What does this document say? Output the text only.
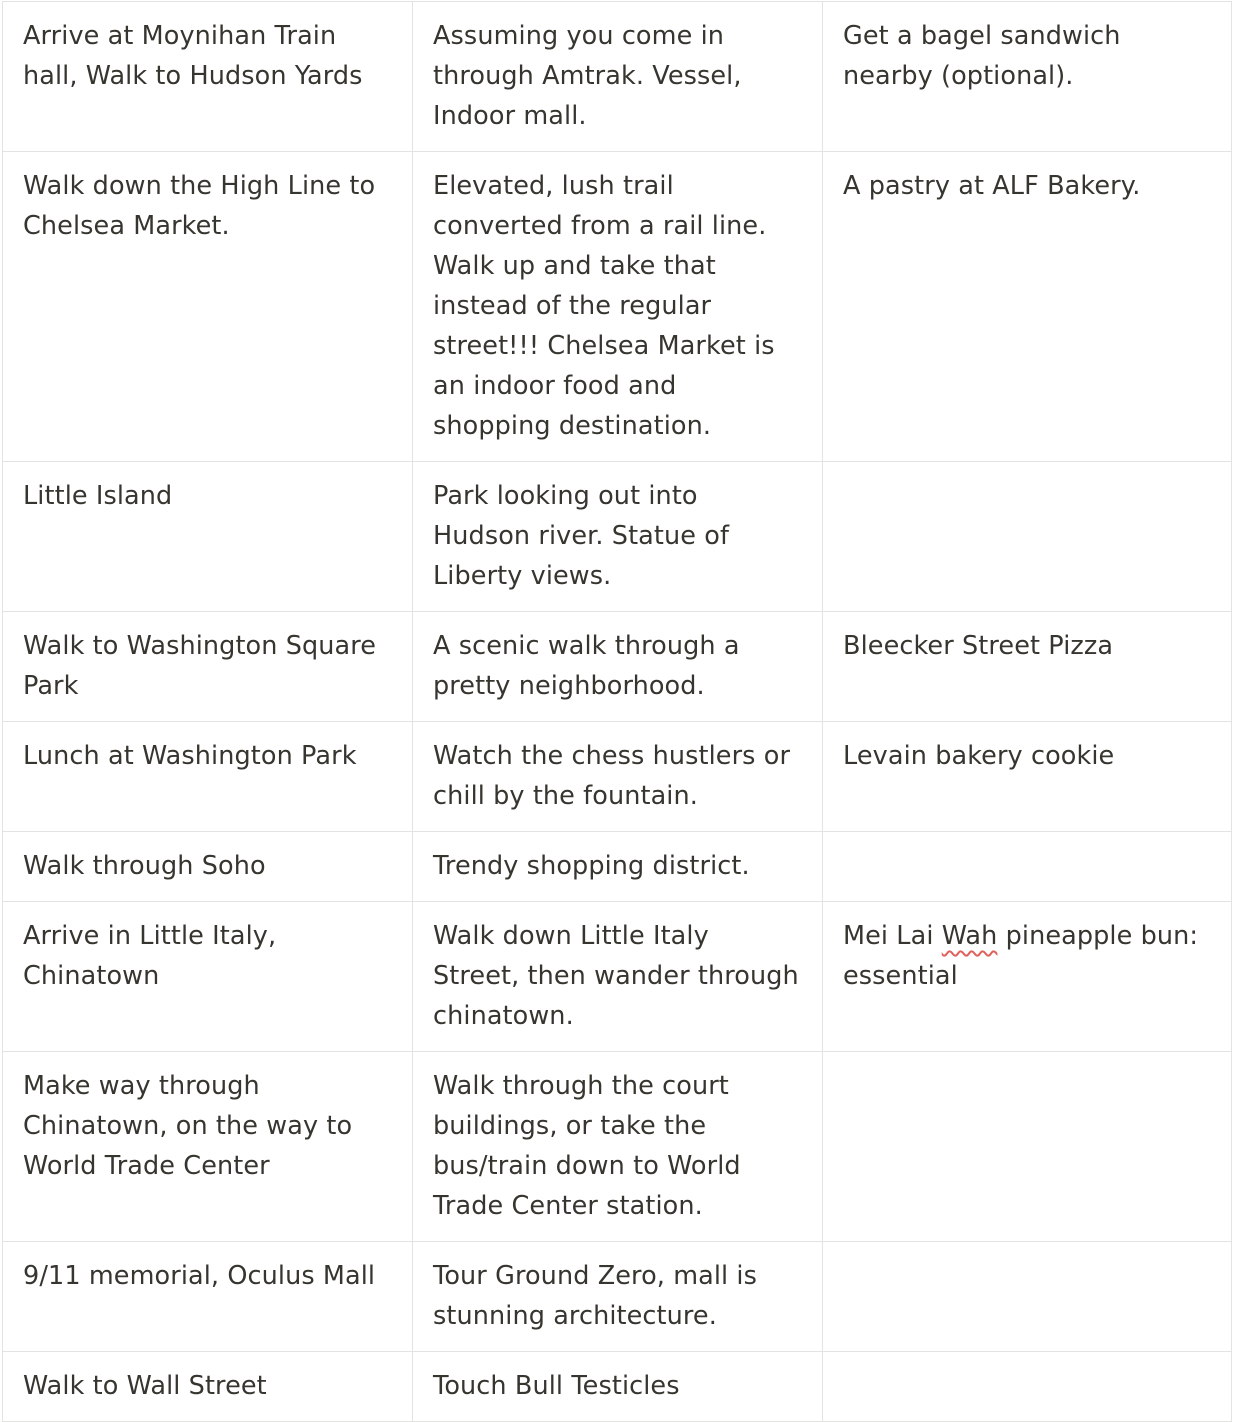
Arrive at Moynihan Train hall, Walk to Hudson Yards	Assuming you come in through Amtrak. Vessel, Indoor mall.	Get a bagel sandwich nearby (optional).
Walk down the High Line to Chelsea Market.	Elevated, lush trail converted from a rail line. Walk up and take that instead of the regular street!!! Chelsea Market is an indoor food and shopping destination.	A pastry at ALF Bakery.
Little Island	Park looking out into Hudson river. Statue of Liberty views.	
Walk to Washington Square Park	A scenic walk through a pretty neighborhood.	Bleecker Street Pizza
Lunch at Washington Park	Watch the chess hustlers or chill by the fountain.	Levain bakery cookie
Walk through Soho	Trendy shopping district.	
Arrive in Little Italy, Chinatown	Walk down Little Italy Street, then wander through chinatown.	Mei Lai Wah pineapple bun: essential
Make way through Chinatown, on the way to World Trade Center	Walk through the court buildings, or take the bus/train down to World Trade Center station.	
9/11 memorial, Oculus Mall	Tour Ground Zero, mall is stunning architecture.	
Walk to Wall Street	Touch Bull Testicles	
